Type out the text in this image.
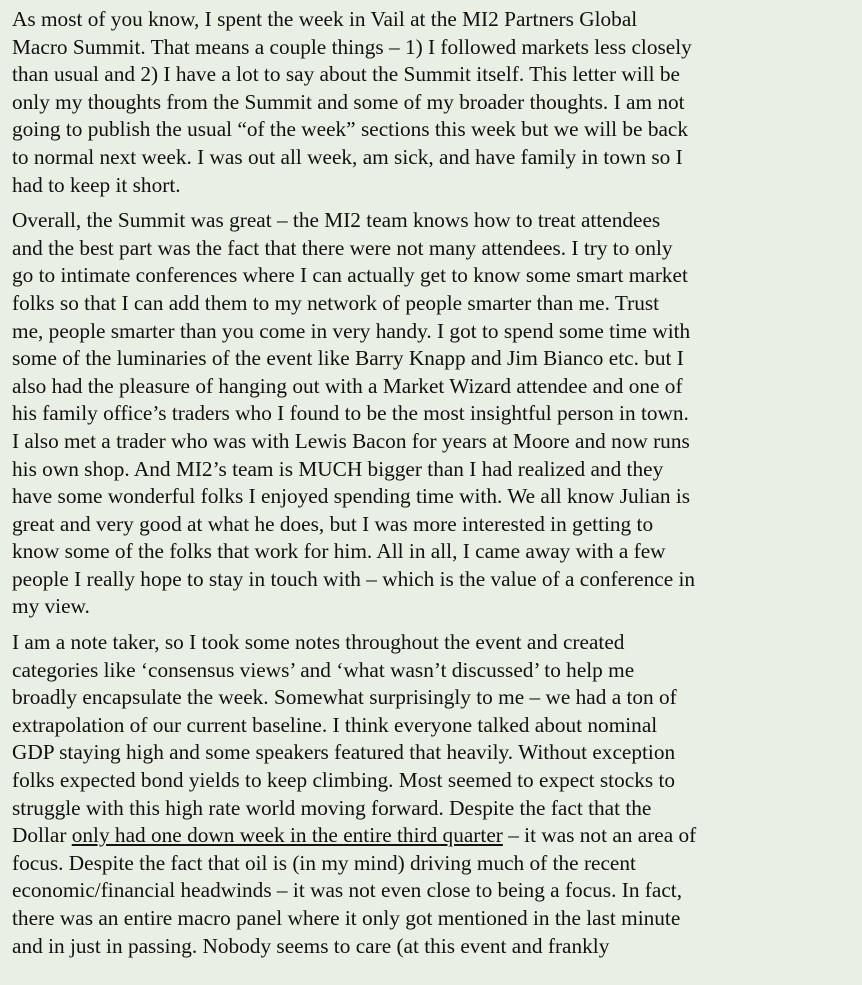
As most of you know, I spent the week in Vail at the MI2 Partners Global
Macro Summit. That means a couple things – 1) I followed markets less closely
than usual and 2) I have a lot to say about the Summit itself. This letter will be
only my thoughts from the Summit and some of my broader thoughts. I am not
going to publish the usual “of the week” sections this week but we will be back
to normal next week. I was out all week, am sick, and have family in town so I
had to keep it short.
Overall, the Summit was great – the MI2 team knows how to treat attendees
and the best part was the fact that there were not many attendees. I try to only
go to intimate conferences where I can actually get to know some smart market
folks so that I can add them to my network of people smarter than me. Trust
me, people smarter than you come in very handy. I got to spend some time with
some of the luminaries of the event like Barry Knapp and Jim Bianco etc. but I
also had the pleasure of hanging out with a Market Wizard attendee and one of
his family office’s traders who I found to be the most insightful person in town.
I also met a trader who was with Lewis Bacon for years at Moore and now runs
his own shop. And MI2’s team is MUCH bigger than I had realized and they
have some wonderful folks I enjoyed spending time with. We all know Julian is
great and very good at what he does, but I was more interested in getting to
know some of the folks that work for him. All in all, I came away with a few
people I really hope to stay in touch with – which is the value of a conference in
my view.
I am a note taker, so I took some notes throughout the event and created
categories like ‘consensus views’ and ‘what wasn’t discussed’ to help me
broadly encapsulate the week. Somewhat surprisingly to me – we had a ton of
extrapolation of our current baseline. I think everyone talked about nominal
GDP staying high and some speakers featured that heavily. Without exception
folks expected bond yields to keep climbing. Most seemed to expect stocks to
struggle with this high rate world moving forward. Despite the fact that the
Dollar only had one down week in the entire third quarter – it was not an area of
focus. Despite the fact that oil is (in my mind) driving much of the recent
economic/financial headwinds – it was not even close to being a focus. In fact,
there was an entire macro panel where it only got mentioned in the last minute
and in just in passing. Nobody seems to care (at this event and frankly
